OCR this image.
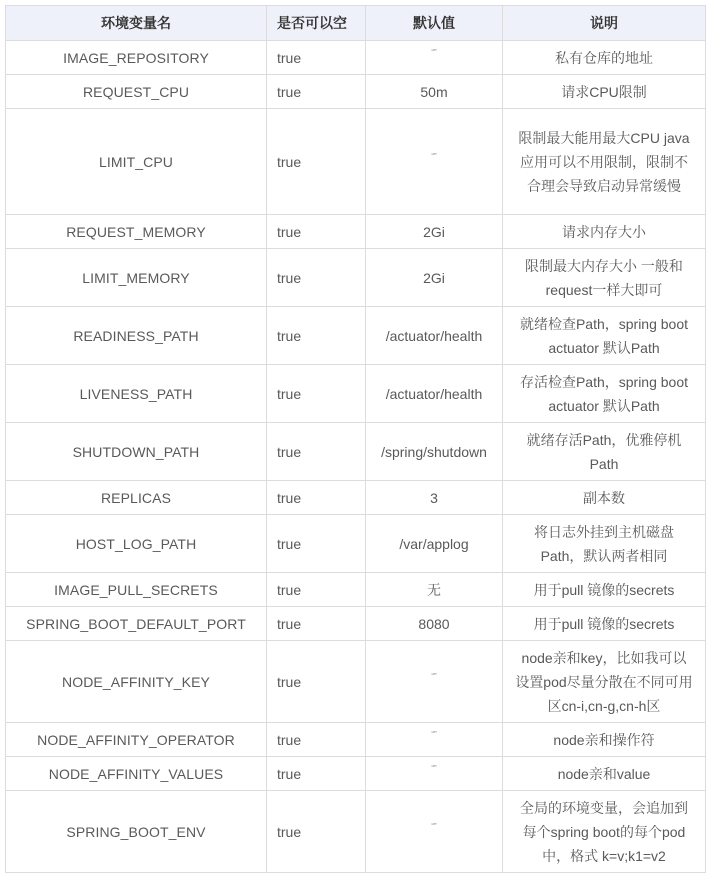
环境变量名	是否可以空	默认值	说明
IMAGE_REPOSITORY	true	“”	私有仓库的地址
REQUEST_CPU	true	50m	请求CPU限制
LIMIT_CPU	true	“”	限制最大能用最大CPU java应用可以不用限制，限制不合理会导致启动异常缓慢
REQUEST_MEMORY	true	2Gi	请求内存大小
LIMIT_MEMORY	true	2Gi	限制最大内存大小 一般和request一样大即可
READINESS_PATH	true	/actuator/health	就绪检查Path，spring boot actuator 默认Path
LIVENESS_PATH	true	/actuator/health	存活检查Path，spring boot actuator 默认Path
SHUTDOWN_PATH	true	/spring/shutdown	就绪存活Path，优雅停机Path
REPLICAS	true	3	副本数
HOST_LOG_PATH	true	/var/applog	将日志外挂到主机磁盘Path，默认两者相同
IMAGE_PULL_SECRETS	true	无	用于pull 镜像的secrets
SPRING_BOOT_DEFAULT_PORT	true	8080	用于pull 镜像的secrets
NODE_AFFINITY_KEY	true	“”	node亲和key，比如我可以设置pod尽量分散在不同可用区cn-i,cn-g,cn-h区
NODE_AFFINITY_OPERATOR	true	“”	node亲和操作符
NODE_AFFINITY_VALUES	true	“”	node亲和value
SPRING_BOOT_ENV	true	“”	全局的环境变量，会追加到每个spring boot的每个pod中，格式 k=v;k1=v2
